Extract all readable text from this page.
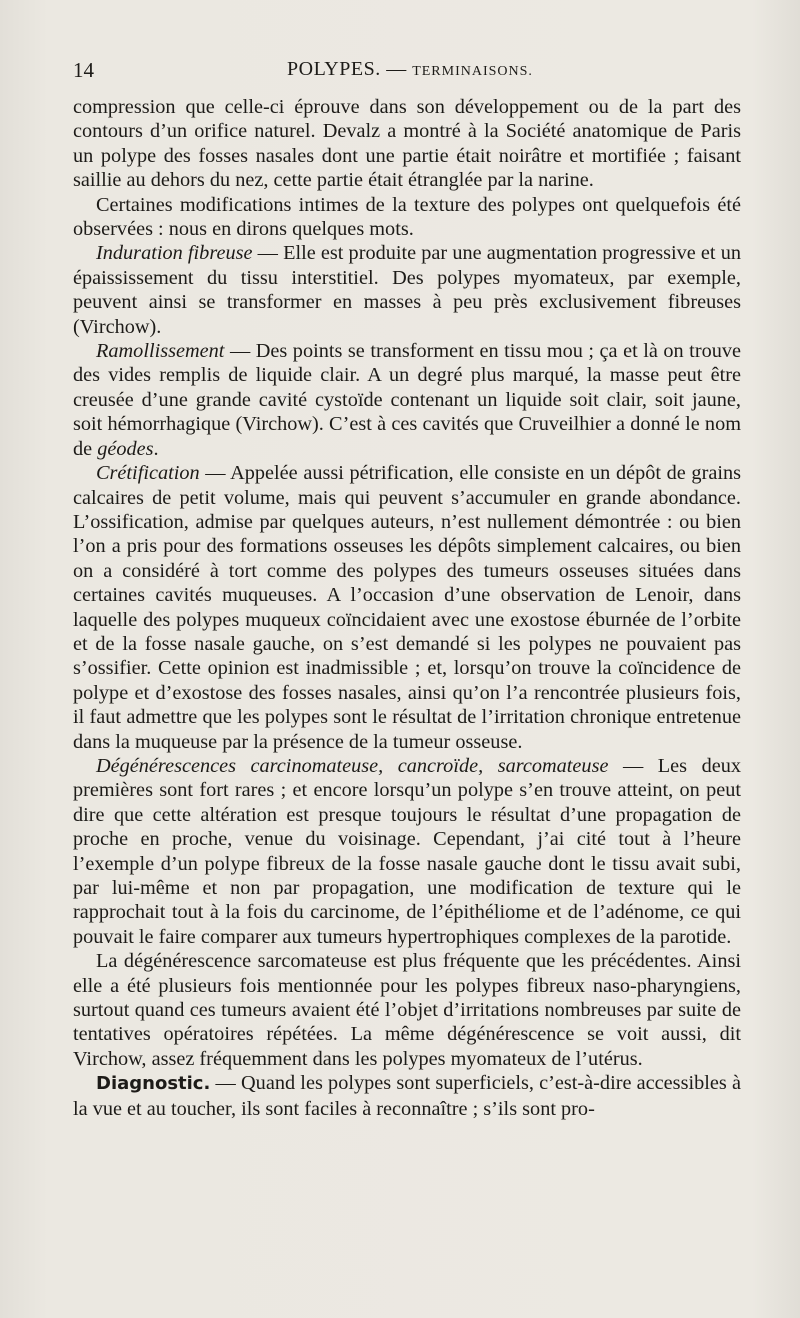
14	POLYPES. — TERMINAISONS.

compression que celle-ci éprouve dans son développement ou de la part des contours d’un orifice naturel. Devalz a montré à la Société anatomique de Paris un polype des fosses nasales dont une partie était noirâtre et mortifiée ; faisant saillie au dehors du nez, cette partie était étranglée par la narine.

Certaines modifications intimes de la texture des polypes ont quelquefois été observées : nous en dirons quelques mots.

Induration fibreuse — Elle est produite par une augmentation progressive et un épaississement du tissu interstitiel. Des polypes myomateux, par exemple, peuvent ainsi se transformer en masses à peu près exclusivement fibreuses (Virchow).

Ramollissement — Des points se transforment en tissu mou ; ça et là on trouve des vides remplis de liquide clair. A un degré plus marqué, la masse peut être creusée d’une grande cavité cystoïde contenant un liquide soit clair, soit jaune, soit hémorrhagique (Virchow). C’est à ces cavités que Cruveilhier a donné le nom de géodes.

Crétification — Appelée aussi pétrification, elle consiste en un dépôt de grains calcaires de petit volume, mais qui peuvent s’accumuler en grande abondance. L’ossification, admise par quelques auteurs, n’est nullement démontrée : ou bien l’on a pris pour des formations osseuses les dépôts simplement calcaires, ou bien on a considéré à tort comme des polypes des tumeurs osseuses situées dans certaines cavités muqueuses. A l’occasion d’une observation de Lenoir, dans laquelle des polypes muqueux coïncidaient avec une exostose éburnée de l’orbite et de la fosse nasale gauche, on s’est demandé si les polypes ne pouvaient pas s’ossifier. Cette opinion est inadmissible ; et, lorsqu’on trouve la coïncidence de polype et d’exostose des fosses nasales, ainsi qu’on l’a rencontrée plusieurs fois, il faut admettre que les polypes sont le résultat de l’irritation chronique entretenue dans la muqueuse par la présence de la tumeur osseuse.

Dégénérescences carcinomateuse, cancroïde, sarcomateuse — Les deux premières sont fort rares ; et encore lorsqu’un polype s’en trouve atteint, on peut dire que cette altération est presque toujours le résultat d’une propagation de proche en proche, venue du voisinage. Cependant, j’ai cité tout à l’heure l’exemple d’un polype fibreux de la fosse nasale gauche dont le tissu avait subi, par lui-même et non par propagation, une modification de texture qui le rapprochait tout à la fois du carcinome, de l’épithéliome et de l’adénome, ce qui pouvait le faire comparer aux tumeurs hypertrophiques complexes de la parotide.

La dégénérescence sarcomateuse est plus fréquente que les précédentes. Ainsi elle a été plusieurs fois mentionnée pour les polypes fibreux naso-pharyngiens, surtout quand ces tumeurs avaient été l’objet d’irritations nombreuses par suite de tentatives opératoires répétées. La même dégénérescence se voit aussi, dit Virchow, assez fréquemment dans les polypes myomateux de l’utérus.

Diagnostic. — Quand les polypes sont superficiels, c’est-à-dire accessibles à la vue et au toucher, ils sont faciles à reconnaître ; s’ils sont pro-
